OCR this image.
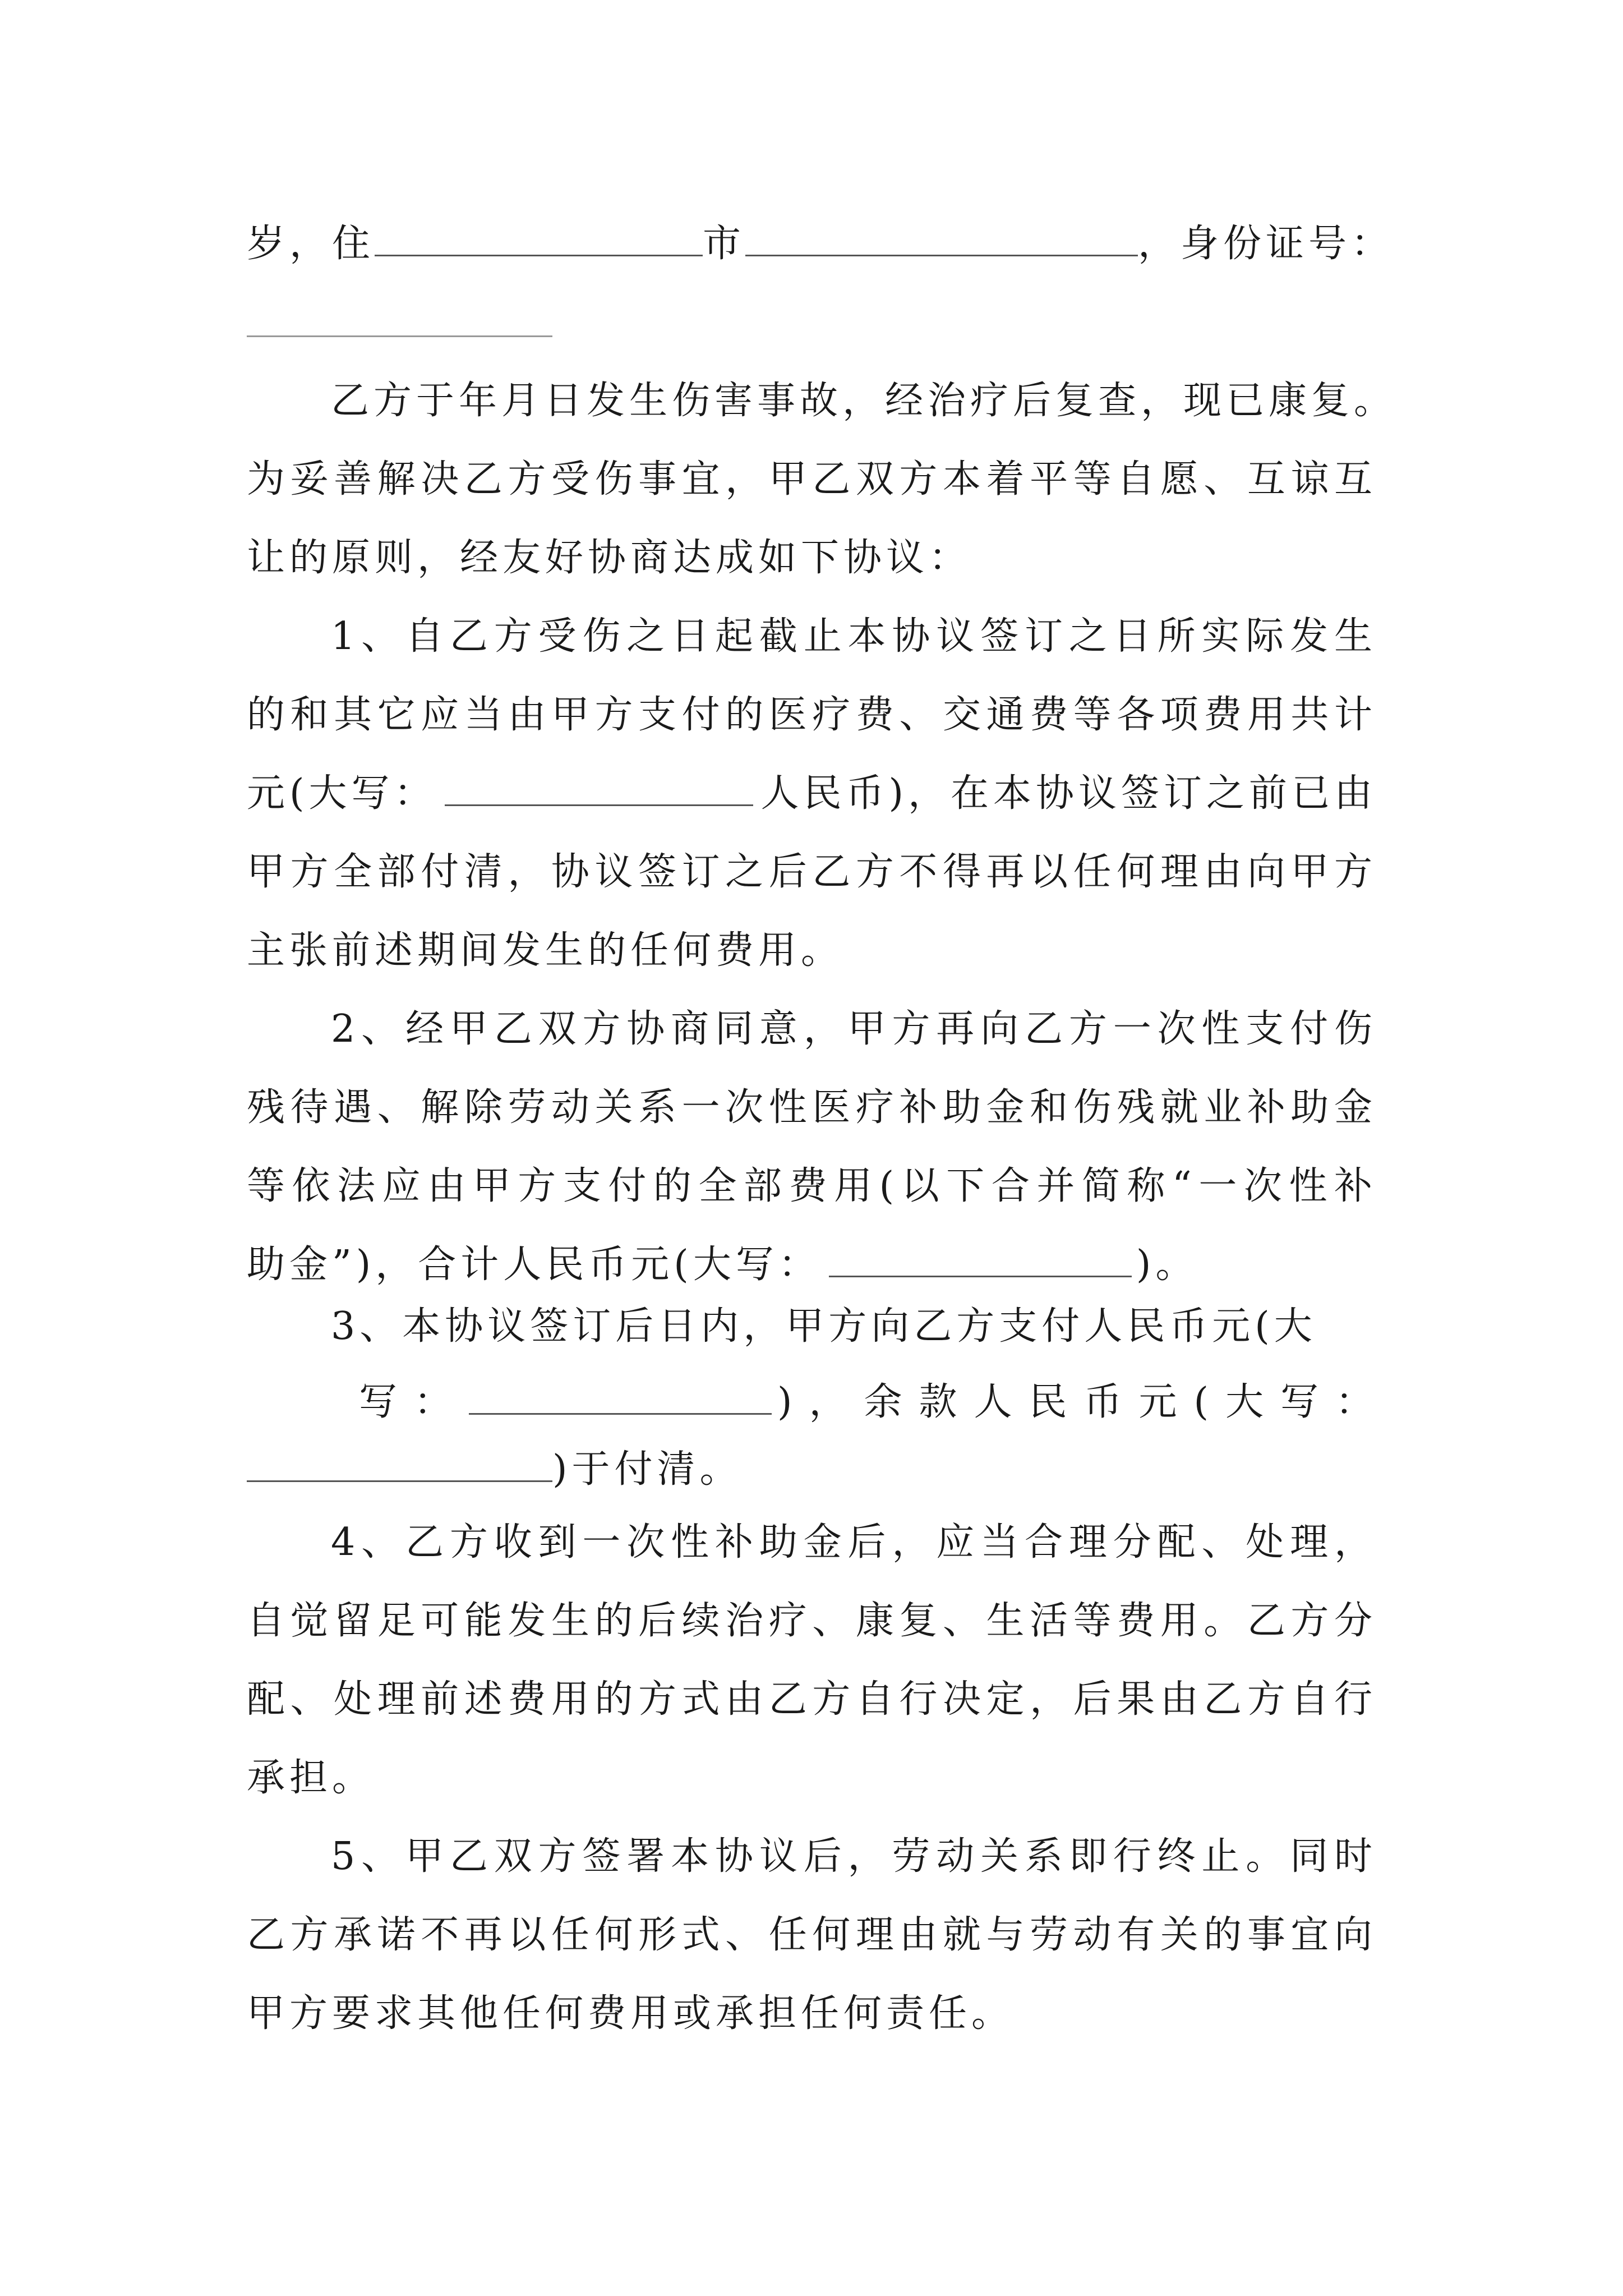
岁，住	市	，身份证号：
乙方于年月日发生伤害事故，经治疗后复查，现已康复。
为妥善解决乙方受伤事宜，甲乙双方本着平等自愿、互谅互
让的原则，经友好协商达成如下协议：
1、自乙方受伤之日起截止本协议签订之日所实际发生
的和其它应当由甲方支付的医疗费、交通费等各项费用共计
元(大写：	人民币)，在本协议签订之前已由
甲方全部付清，协议签订之后乙方不得再以任何理由向甲方
主张前述期间发生的任何费用。
2、经甲乙双方协商同意，甲方再向乙方一次性支付伤
残待遇、解除劳动关系一次性医疗补助金和伤残就业补助金
等依法应由甲方支付的全部费用(以下合并简称“一次性补
助金”)，合计人民币元(大写：	)。
3、本协议签订后日内，甲方向乙方支付人民币元(大
写：	)，余款人民币元(大写：
)于付清。
4、乙方收到一次性补助金后，应当合理分配、处理，
自觉留足可能发生的后续治疗、康复、生活等费用。乙方分
配、处理前述费用的方式由乙方自行决定，后果由乙方自行
承担。
5、甲乙双方签署本协议后，劳动关系即行终止。同时
乙方承诺不再以任何形式、任何理由就与劳动有关的事宜向
甲方要求其他任何费用或承担任何责任。
